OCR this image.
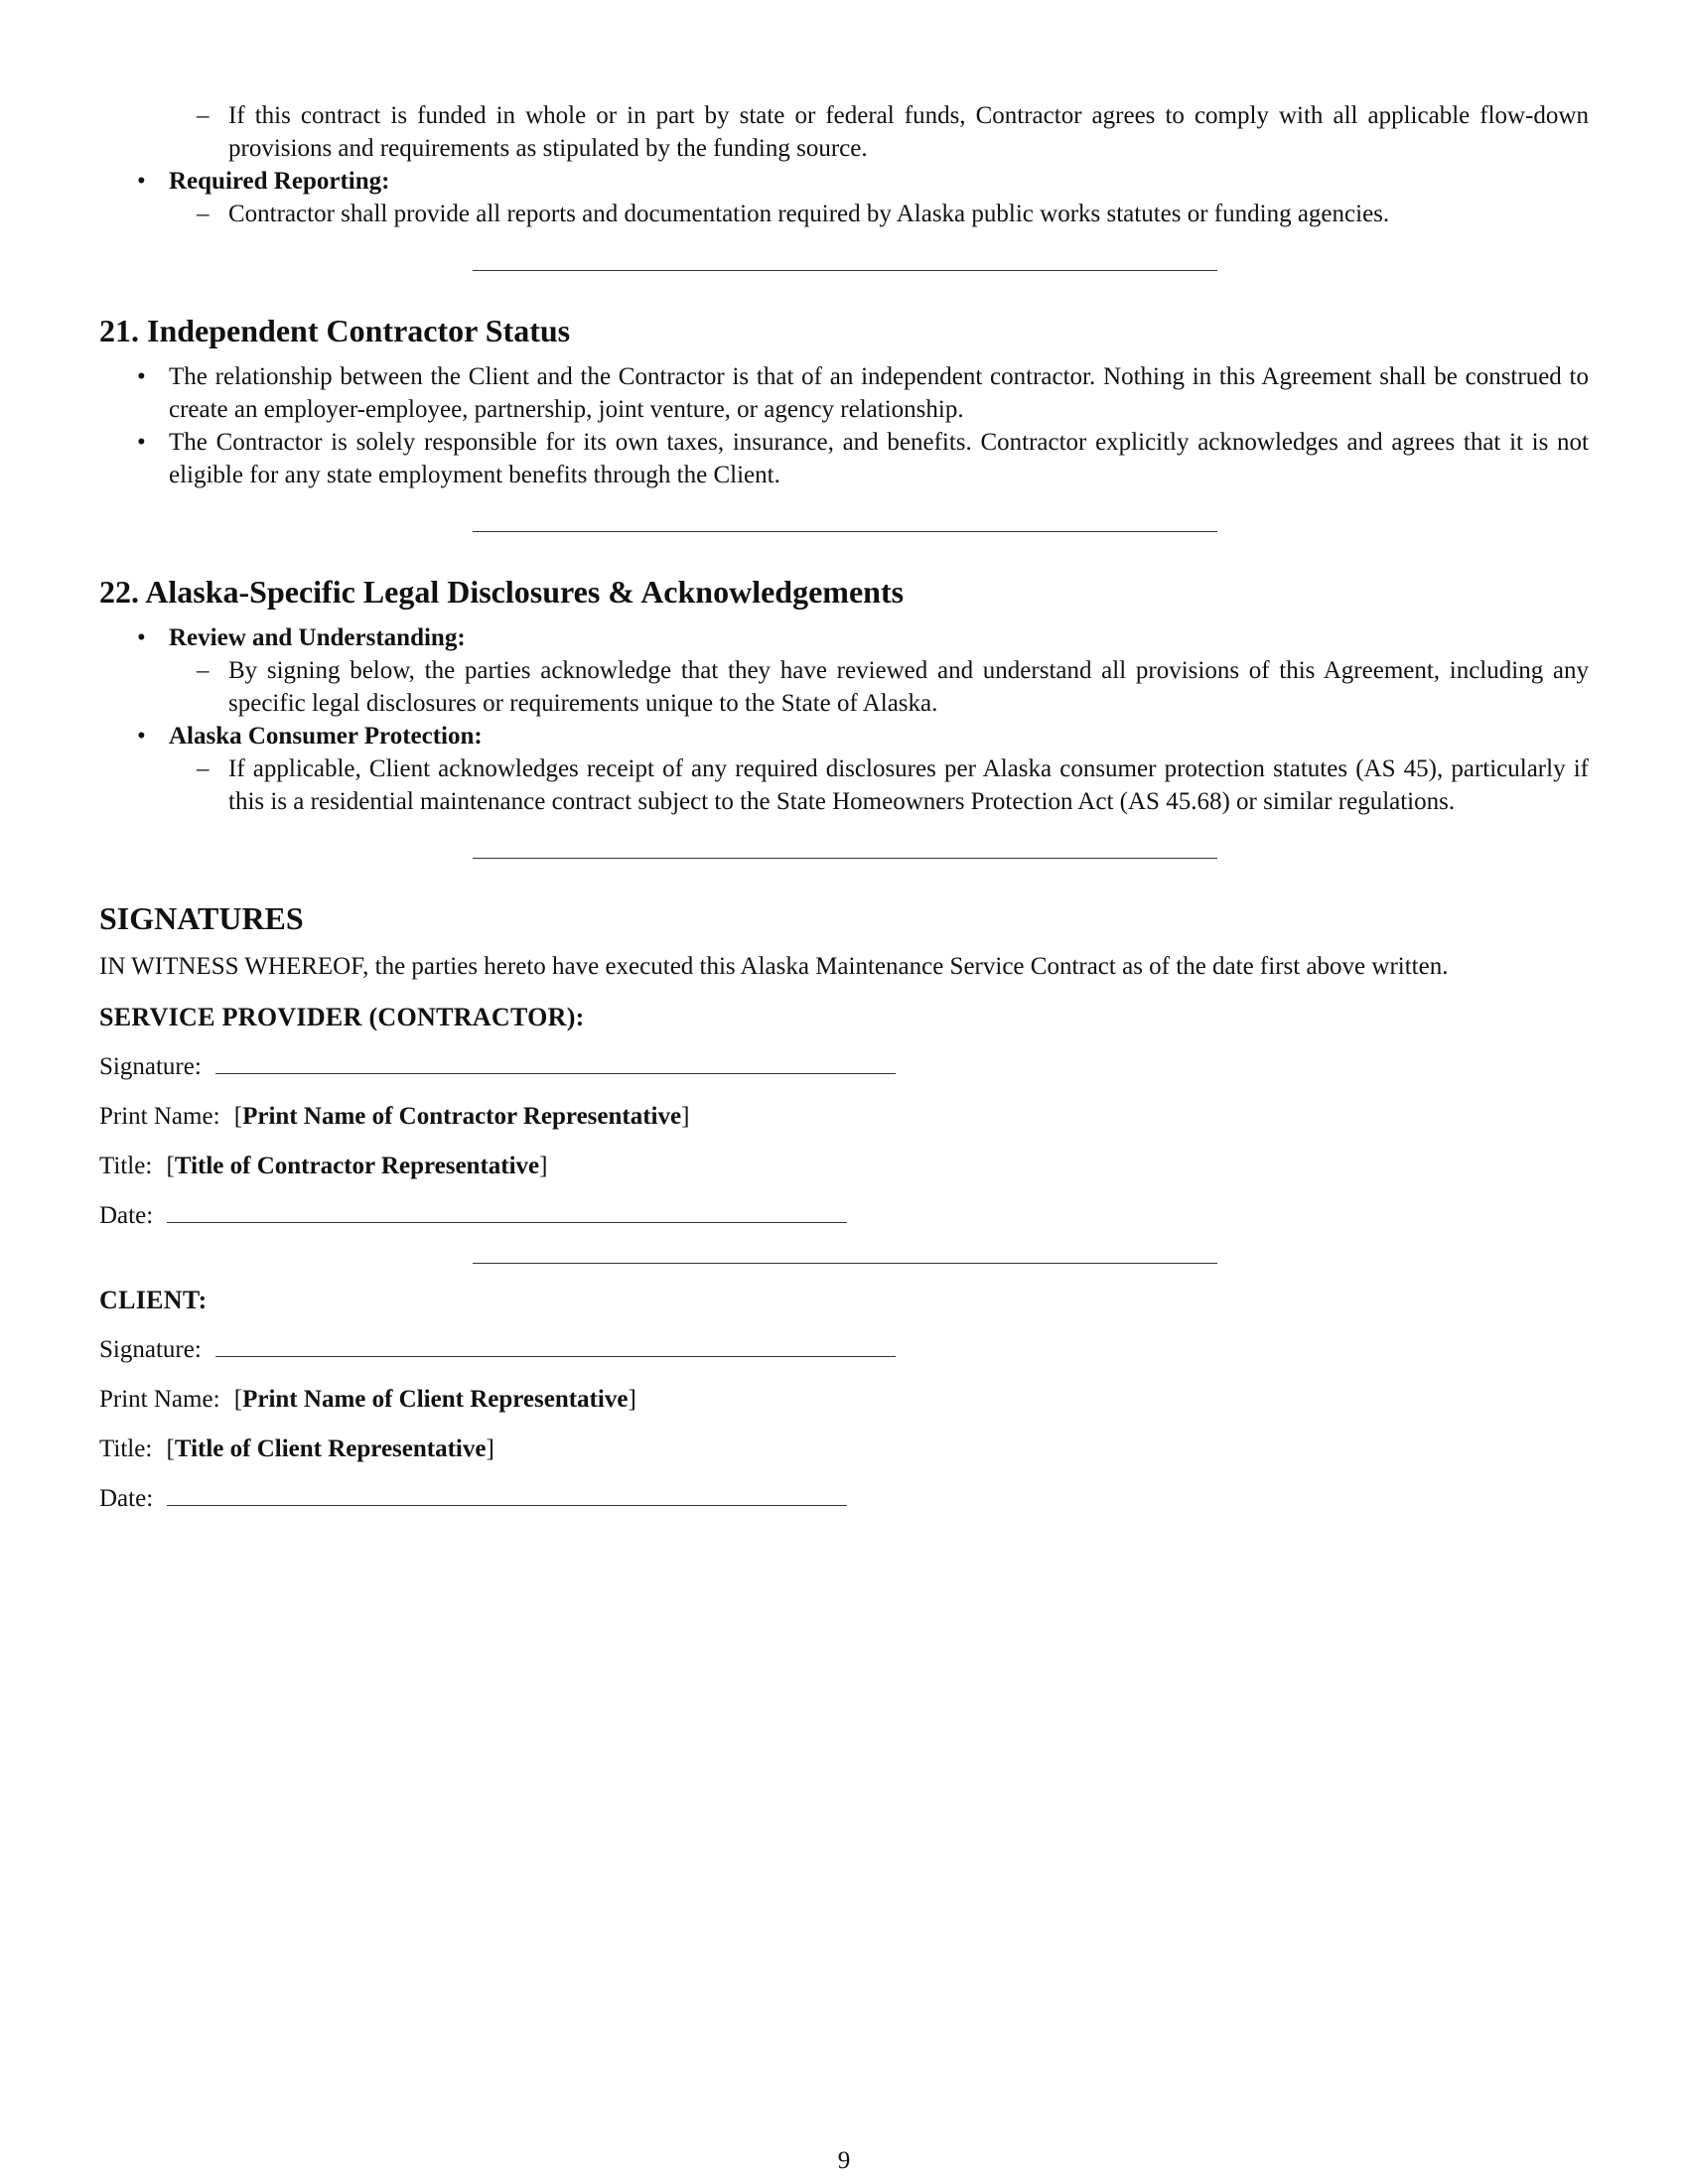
– If this contract is funded in whole or in part by state or federal funds, Contractor agrees to comply with all applicable flow-down provisions and requirements as stipulated by the funding source.
• Required Reporting:
– Contractor shall provide all reports and documentation required by Alaska public works statutes or funding agencies.
21. Independent Contractor Status
• The relationship between the Client and the Contractor is that of an independent contractor. Nothing in this Agreement shall be construed to create an employer-employee, partnership, joint venture, or agency relationship.
• The Contractor is solely responsible for its own taxes, insurance, and benefits. Contractor explicitly acknowledges and agrees that it is not eligible for any state employment benefits through the Client.
22. Alaska-Specific Legal Disclosures & Acknowledgements
• Review and Understanding:
– By signing below, the parties acknowledge that they have reviewed and understand all provisions of this Agreement, including any specific legal disclosures or requirements unique to the State of Alaska.
• Alaska Consumer Protection:
– If applicable, Client acknowledges receipt of any required disclosures per Alaska consumer protection statutes (AS 45), particularly if this is a residential maintenance contract subject to the State Homeowners Protection Act (AS 45.68) or similar regulations.
SIGNATURES

IN WITNESS WHEREOF, the parties hereto have executed this Alaska Maintenance Service Contract as of the date first above written.

SERVICE PROVIDER (CONTRACTOR):
Signature:
Print Name: [Print Name of Contractor Representative]
Title: [Title of Contractor Representative]
Date:
CLIENT:
Signature:
Print Name: [Print Name of Client Representative]
Title: [Title of Client Representative]
Date:
9
